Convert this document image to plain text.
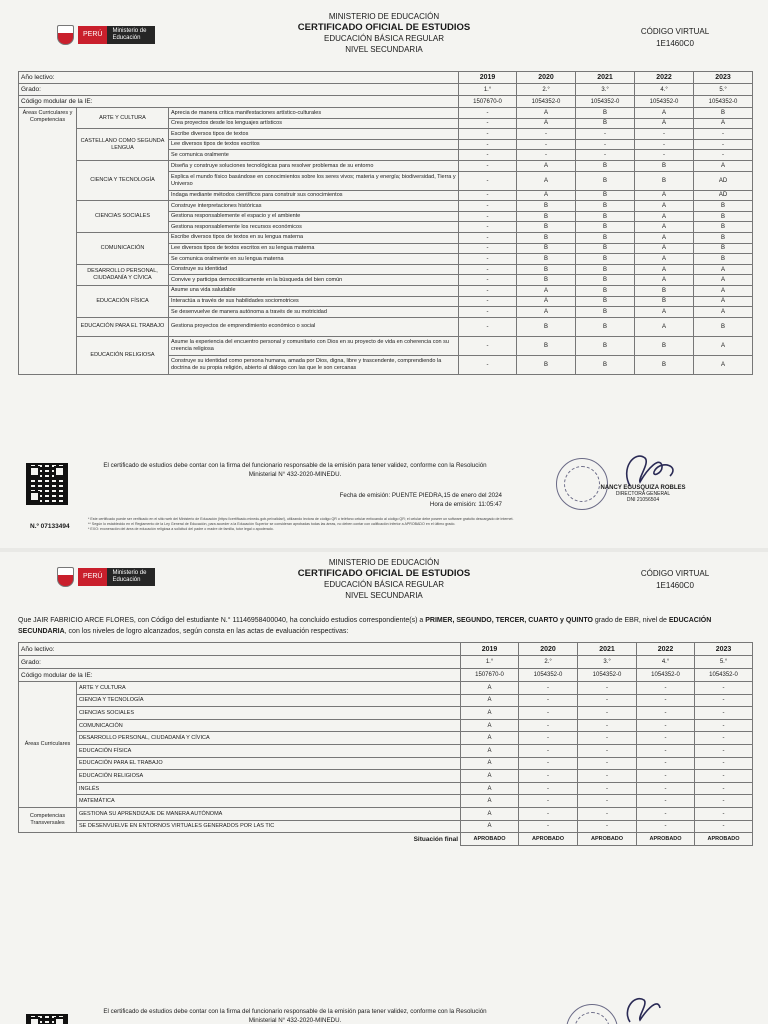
PERÚ	Ministerio de Educación
MINISTERIO DE EDUCACIÓN
CERTIFICADO OFICIAL DE ESTUDIOS
EDUCACIÓN BÁSICA REGULAR
NIVEL SECUNDARIA
CÓDIGO VIRTUAL
1E1460C0
Año lectivo:			2019	2020	2021	2022	2023
Grado:			1.°	2.°	3.°	4.°	5.°
Código modular de la IE:			1507670-0	1054352-0	1054352-0	1054352-0	1054352-0
Áreas Curriculares y Competencias	ARTE Y CULTURA	Aprecia de manera crítica manifestaciones artístico-culturales	-	A	B	A	B
		Crea proyectos desde los lenguajes artísticos	-	A	B	A	A
	CASTELLANO COMO SEGUNDA LENGUA	Escribe diversos tipos de textos	-	-	-	-	-
		Lee diversos tipos de textos escritos	-	-	-	-	-
		Se comunica oralmente	-	-	-	-	-
	CIENCIA Y TECNOLOGÍA	Diseña y construye soluciones tecnológicas para resolver problemas de su entorno	-	A	B	B	A
		Explica el mundo físico basándose en conocimientos sobre los seres vivos; materia y energía; biodiversidad, Tierra y Universo	-	A	B	B	AD
		Indaga mediante métodos científicos para construir sus conocimientos	-	A	B	A	AD
	CIENCIAS SOCIALES	Construye interpretaciones históricas	-	B	B	A	B
		Gestiona responsablemente el espacio y el ambiente	-	B	B	A	B
		Gestiona responsablemente los recursos económicos	-	B	B	A	B
	COMUNICACIÓN	Escribe diversos tipos de textos en su lengua materna	-	B	B	A	B
		Lee diversos tipos de textos escritos en su lengua materna	-	B	B	A	B
		Se comunica oralmente en su lengua materna	-	B	B	A	B
	DESARROLLO PERSONAL, CIUDADANÍA Y CÍVICA	Construye su identidad	-	B	B	A	A
		Convive y participa democráticamente en la búsqueda del bien común	-	B	B	A	A
	EDUCACIÓN FÍSICA	Asume una vida saludable	-	A	B	B	A
		Interactúa a través de sus habilidades sociomotrices	-	A	B	B	A
		Se desenvuelve de manera autónoma a través de su motricidad	-	A	B	A	A
	EDUCACIÓN PARA EL TRABAJO	Gestiona proyectos de emprendimiento económico o social	-	B	B	A	B
	EDUCACIÓN RELIGIOSA	Asume la experiencia del encuentro personal y comunitario con Dios en su proyecto de vida en coherencia con su creencia religiosa	-	B	B	B	A
		Construye su identidad como persona humana, amada por Dios, digna, libre y trascendente, comprendiendo la doctrina de su propia religión, abierto al diálogo con las que le son cercanas	-	B	B	B	A
El certificado de estudios debe contar con la firma del funcionario responsable de la emisión para tener validez, conforme con la Resolución Ministerial N° 432-2020-MINEDU.
Fecha de emisión: PUENTE PIEDRA,15 de enero del 2024
Hora de emisión: 11:05:47
NANCY EGUSQUIZA ROBLES
DIRECTORA GENERAL
DNI 21056504
N.º 07133494
* Este certificado puede ser verificado en el sitio web del Ministerio de Educación (https://certificado.minedu.gob.pe/validar/), utilizando lectora de código QR o teléfono celular enfocando al código QR; el celular debe poseer un software gratuito descargado de internet.
** Según lo establecido en el Reglamento de la Ley General de Educación, para acceder a la Educación Superior se consideran aprobadas todas las áreas, no deben contar con calificación inferior a APROBADO en el último grado.
* EXO: exoneración del área de educación religiosa a solicitud del padre o madre de familia, tutor legal o apoderado.
PERÚ	Ministerio de Educación
MINISTERIO DE EDUCACIÓN
CERTIFICADO OFICIAL DE ESTUDIOS
EDUCACIÓN BÁSICA REGULAR
NIVEL SECUNDARIA
CÓDIGO VIRTUAL
1E1460C0
Que JAIR FABRICIO ARCE FLORES, con Código del estudiante N.° 11146958400040, ha concluido estudios correspondiente(s) a PRIMER, SEGUNDO, TERCER, CUARTO y QUINTO grado de EBR, nivel de EDUCACIÓN SECUNDARIA, con los niveles de logro alcanzados, según consta en las actas de evaluación respectivas:
Año lectivo:		2019	2020	2021	2022	2023
Grado:		1.°	2.°	3.°	4.°	5.°
Código modular de la IE:		1507670-0	1054352-0	1054352-0	1054352-0	1054352-0
Áreas Curriculares	ARTE Y CULTURA	A	-	-	-	-
	CIENCIA Y TECNOLOGÍA	A	-	-	-	-
	CIENCIAS SOCIALES	A	-	-	-	-
	COMUNICACIÓN	A	-	-	-	-
	DESARROLLO PERSONAL, CIUDADANÍA Y CÍVICA	A	-	-	-	-
	EDUCACIÓN FÍSICA	A	-	-	-	-
	EDUCACIÓN PARA EL TRABAJO	A	-	-	-	-
	EDUCACIÓN RELIGIOSA	A	-	-	-	-
	INGLÉS	A	-	-	-	-
	MATEMÁTICA	A	-	-	-	-
Competencias Transversales	GESTIONA SU APRENDIZAJE DE MANERA AUTÓNOMA	A	-	-	-	-
	SE DESENVUELVE EN ENTORNOS VIRTUALES GENERADOS POR LAS TIC	A	-	-	-	-
Situación final		APROBADO	APROBADO	APROBADO	APROBADO	APROBADO
El certificado de estudios debe contar con la firma del funcionario responsable de la emisión para tener validez, conforme con la Resolución Ministerial N° 432-2020-MINEDU.
